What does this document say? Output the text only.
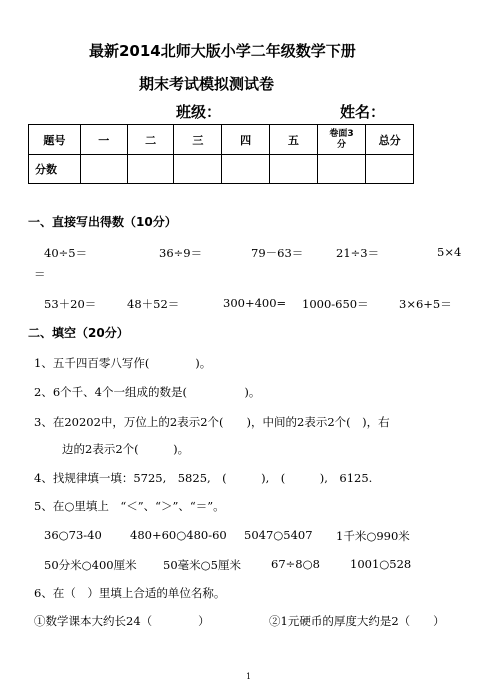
最新2014北师大版小学二年级数学下册
期末考试模拟测试卷
班级：	姓名：
题号	一	二	三	四	五	卷面3分	总分
分数							
一、直接写出得数（10分）
40÷5＝	36÷9＝	79－63＝	21÷3＝	5×4
＝
53＋20＝	48＋52＝	300+400= 1000-650＝	3×6+5＝
二、填空（20分）
1、五千四百零八写作(　　　　)。
2、6个千、4个一组成的数是(　　　　　)。
3、在20202中，万位上的2表示2个(　　)，中间的2表示2个(　)，右
边的2表示2个(　　　)。
4、找规律填一填：5725,　5825,　(　　　),　(　　　),　6125.
5、在○里填上　“＜”、“＞”、“＝”。
36○73-40 480+60○480-60 5047○5407 1千米○990米
50分米○400厘米 50毫米○5厘米	67÷8○8	1001○528
6、在（　）里填上合适的单位名称。
①数学课本大约长24（　　　　）	②1元硬币的厚度大约是2（　　）
1
